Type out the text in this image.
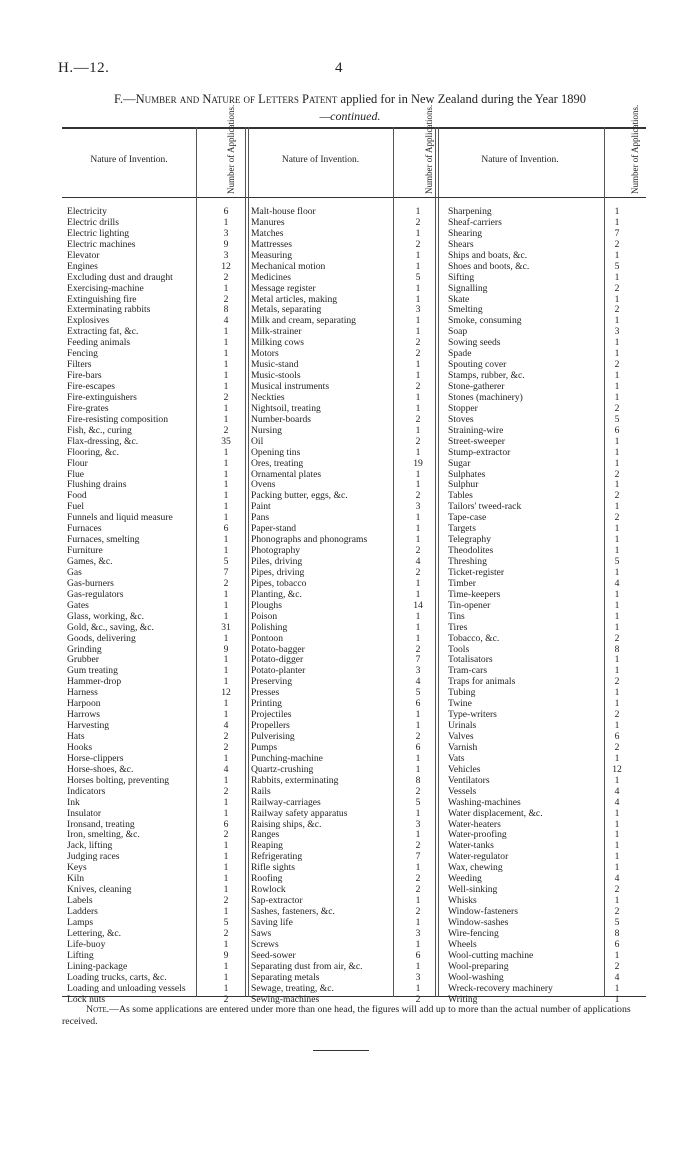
H.—12.	4
F.—Number and Nature of Letters Patent applied for in New Zealand during the Year 1890
—continued.
Nature of Invention.	Nature of Invention.	Nature of Invention.
Number of Applications.	Number of Applications.	Number of Applications.
Electricity	6
Electric drills	1
Electric lighting	3
Electric machines	9
Elevator	3
Engines	12
Excluding dust and draught	2
Exercising-machine	1
Extinguishing fire	2
Exterminating rabbits	8
Explosives	4
Extracting fat, &c.	1
Feeding animals	1
Fencing	1
Filters	1
Fire-bars	1
Fire-escapes	1
Fire-extinguishers	2
Fire-grates	1
Fire-resisting composition	1
Fish, &c., curing	2
Flax-dressing, &c.	35
Flooring, &c.	1
Flour	1
Flue	1
Flushing drains	1
Food	1
Fuel	1
Funnels and liquid measure	1
Furnaces	6
Furnaces, smelting	1
Furniture	1
Games, &c.	5
Gas	7
Gas-burners	2
Gas-regulators	1
Gates	1
Glass, working, &c.	1
Gold, &c., saving, &c.	31
Goods, delivering	1
Grinding	9
Grubber	1
Gum treating	1
Hammer-drop	1
Harness	12
Harpoon	1
Harrows	1
Harvesting	4
Hats	2
Hooks	2
Horse-clippers	1
Horse-shoes, &c.	4
Horses bolting, preventing	1
Indicators	2
Ink	1
Insulator	1
Ironsand, treating	6
Iron, smelting, &c.	2
Jack, lifting	1
Judging races	1
Keys	1
Kiln	1
Knives, cleaning	1
Labels	2
Ladders	1
Lamps	5
Lettering, &c.	2
Life-buoy	1
Lifting	9
Lining-package	1
Loading trucks, carts, &c.	1
Loading and unloading vessels	1
Lock nuts	2
Malt-house floor	1
Manures	2
Matches	1
Mattresses	2
Measuring	1
Mechanical motion	1
Medicines	5
Message register	1
Metal articles, making	1
Metals, separating	3
Milk and cream, separating	1
Milk-strainer	1
Milking cows	2
Motors	2
Music-stand	1
Music-stools	1
Musical instruments	2
Neckties	1
Nightsoil, treating	1
Number-boards	2
Nursing	1
Oil	2
Opening tins	1
Ores, treating	19
Ornamental plates	1
Ovens	1
Packing butter, eggs, &c.	2
Paint	3
Pans	1
Paper-stand	1
Phonographs and phonograms	1
Photography	2
Piles, driving	4
Pipes, driving	2
Pipes, tobacco	1
Planting, &c.	1
Ploughs	14
Poison	1
Polishing	1
Pontoon	1
Potato-bagger	2
Potato-digger	7
Potato-planter	3
Preserving	4
Presses	5
Printing	6
Projectiles	1
Propellers	1
Pulverising	2
Pumps	6
Punching-machine	1
Quartz-crushing	1
Rabbits, exterminating	8
Rails	2
Railway-carriages	5
Railway safety apparatus	1
Raising ships, &c.	3
Ranges	1
Reaping	2
Refrigerating	7
Rifle sights	1
Roofing	2
Rowlock	2
Sap-extractor	1
Sashes, fasteners, &c.	2
Saving life	1
Saws	3
Screws	1
Seed-sower	6
Separating dust from air, &c.	1
Separating metals	3
Sewage, treating, &c.	1
Sewing-machines	2
Sharpening	1
Sheaf-carriers	1
Shearing	7
Shears	2
Ships and boats, &c.	1
Shoes and boots, &c.	5
Sifting	1
Signalling	2
Skate	1
Smelting	2
Smoke, consuming	1
Soap	3
Sowing seeds	1
Spade	1
Spouting cover	2
Stamps, rubber, &c.	1
Stone-gatherer	1
Stones (machinery)	1
Stopper	2
Stoves	5
Straining-wire	6
Street-sweeper	1
Stump-extractor	1
Sugar	1
Sulphates	2
Sulphur	1
Tables	2
Tailors' tweed-rack	1
Tape-case	2
Targets	1
Telegraphy	1
Theodolites	1
Threshing	5
Ticket-register	1
Timber	4
Time-keepers	1
Tin-opener	1
Tins	1
Tires	1
Tobacco, &c.	2
Tools	8
Totalisators	1
Tram-cars	1
Traps for animals	2
Tubing	1
Twine	1
Type-writers	2
Urinals	1
Valves	6
Varnish	2
Vats	1
Vehicles	12
Ventilators	1
Vessels	4
Washing-machines	4
Water displacement, &c.	1
Water-heaters	1
Water-proofing	1
Water-tanks	1
Water-regulator	1
Wax, chewing	1
Weeding	4
Well-sinking	2
Whisks	1
Window-fasteners	2
Window-sashes	5
Wire-fencing	8
Wheels	6
Wool-cutting machine	1
Wool-preparing	2
Wool-washing	4
Wreck-recovery machinery	1
Writing	1
Note.—As some applications are entered under more than one head, the figures will add up to more than the actual number of applications received.
